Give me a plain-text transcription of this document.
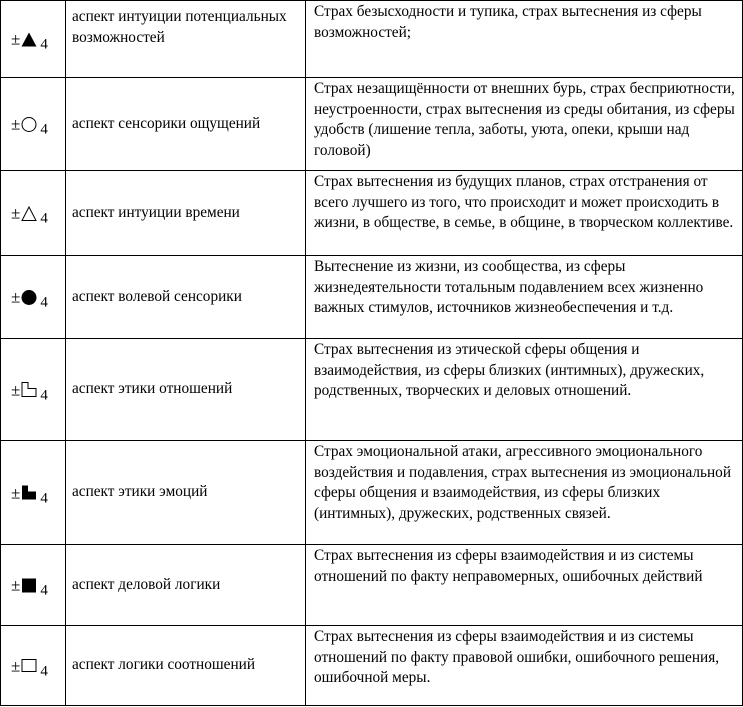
± 4	аспект интуиции потенциальных возможностей	Страх безысходности и тупика, страх вытеснения из сферы возможностей;

± 4	аспект сенсорики ощущений	Страх незащищённости от внешних бурь, страх бесприютности, неустроенности, страх вытеснения из среды обитания, из сферы удобств (лишение тепла, заботы, уюта, опеки, крыши над головой)

± 4	аспект интуиции времени	Страх вытеснения из будущих планов, страх отстранения от всего лучшего из того, что происходит и может происходить в жизни, в обществе, в семье, в общине, в творческом коллективе.

± 4	аспект волевой сенсорики	Вытеснение из жизни, из сообщества, из сферы жизнедеятельности тотальным подавлением всех жизненно важных стимулов, источников жизнеобеспечения и т.д.

± 4	аспект этики отношений	Страх вытеснения из этической сферы общения и взаимодействия, из сферы близких (интимных), дружеских, родственных, творческих и деловых отношений.

± 4	аспект этики эмоций	Страх эмоциональной атаки, агрессивного эмоционального воздействия и подавления, страх вытеснения из эмоциональной сферы общения и взаимодействия, из сферы близких (интимных), дружеских, родственных связей.

± 4	аспект деловой логики	Страх вытеснения из сферы взаимодействия и из системы отношений по факту неправомерных, ошибочных действий

± 4	аспект логики соотношений	Страх вытеснения из сферы взаимодействия и из системы отношений по факту правовой ошибки, ошибочного решения, ошибочной меры.
